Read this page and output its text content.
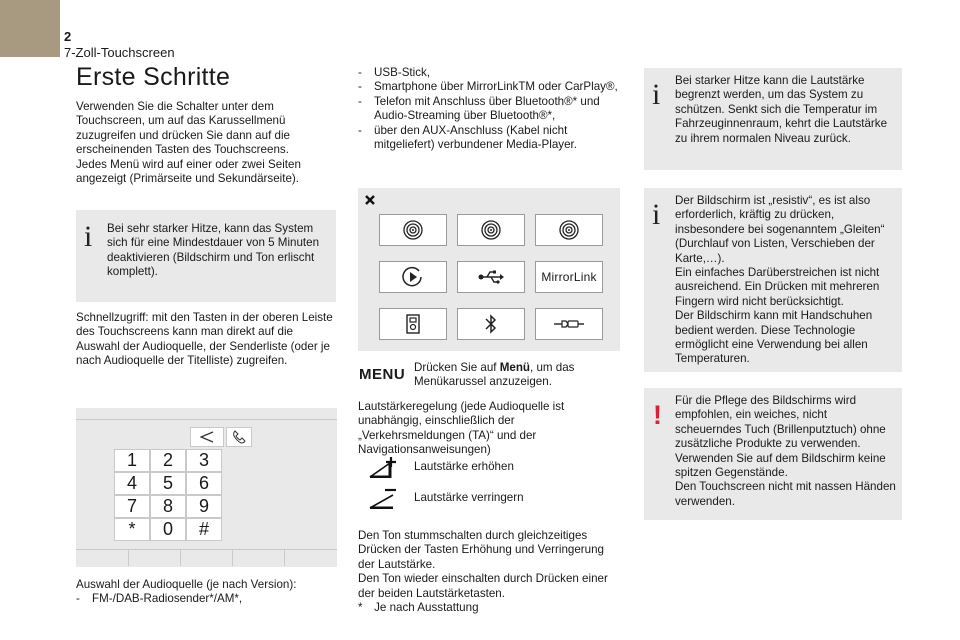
2
7-Zoll-Touchscreen
Erste Schritte
Verwenden Sie die Schalter unter dem Touchscreen, um auf das Karussellmenü zuzugreifen und drücken Sie dann auf die erscheinenden Tasten des Touchscreens.
Jedes Menü wird auf einer oder zwei Seiten angezeigt (Primärseite und Sekundärseite).
i Bei sehr starker Hitze, kann das System sich für eine Mindestdauer von 5 Minuten deaktivieren (Bildschirm und Ton erlischt komplett).
Schnellzugriff: mit den Tasten in der oberen Leiste des Touchscreens kann man direkt auf die Auswahl der Audioquelle, der Senderliste (oder je nach Audioquelle der Titelliste) zugreifen.
1	2	3
4	5	6
7	8	9
*	0	#
Auswahl der Audioquelle (je nach Version):
- FM-/DAB-Radiosender*/AM*,
- USB-Stick,
- Smartphone über MirrorLinkTM oder CarPlay®,
- Telefon mit Anschluss über Bluetooth®* und Audio-Streaming über Bluetooth®*,
- über den AUX-Anschluss (Kabel nicht mitgeliefert) verbundener Media-Player.
MirrorLink
MENU Drücken Sie auf Menü, um das Menükarussel anzuzeigen.
Lautstärkeregelung (jede Audioquelle ist unabhängig, einschließlich der „Verkehrsmeldungen (TA)“ und der Navigationsanweisungen)
Lautstärke erhöhen
Lautstärke verringern
Den Ton stummschalten durch gleichzeitiges Drücken der Tasten Erhöhung und Verringerung der Lautstärke.
Den Ton wieder einschalten durch Drücken einer der beiden Lautstärketasten.
* Je nach Ausstattung
i Bei starker Hitze kann die Lautstärke begrenzt werden, um das System zu schützen. Senkt sich die Temperatur im Fahrzeuginnenraum, kehrt die Lautstärke zu ihrem normalen Niveau zurück.
i Der Bildschirm ist „resistiv“, es ist also erforderlich, kräftig zu drücken, insbesondere bei sogenanntem „Gleiten“ (Durchlauf von Listen, Verschieben der Karte,…).
Ein einfaches Darüberstreichen ist nicht ausreichend. Ein Drücken mit mehreren Fingern wird nicht berücksichtigt.
Der Bildschirm kann mit Handschuhen bedient werden. Diese Technologie ermöglicht eine Verwendung bei allen Temperaturen.
! Für die Pflege des Bildschirms wird empfohlen, ein weiches, nicht scheuerndes Tuch (Brillenputztuch) ohne zusätzliche Produkte zu verwenden.
Verwenden Sie auf dem Bildschirm keine spitzen Gegenstände.
Den Touchscreen nicht mit nassen Händen verwenden.
